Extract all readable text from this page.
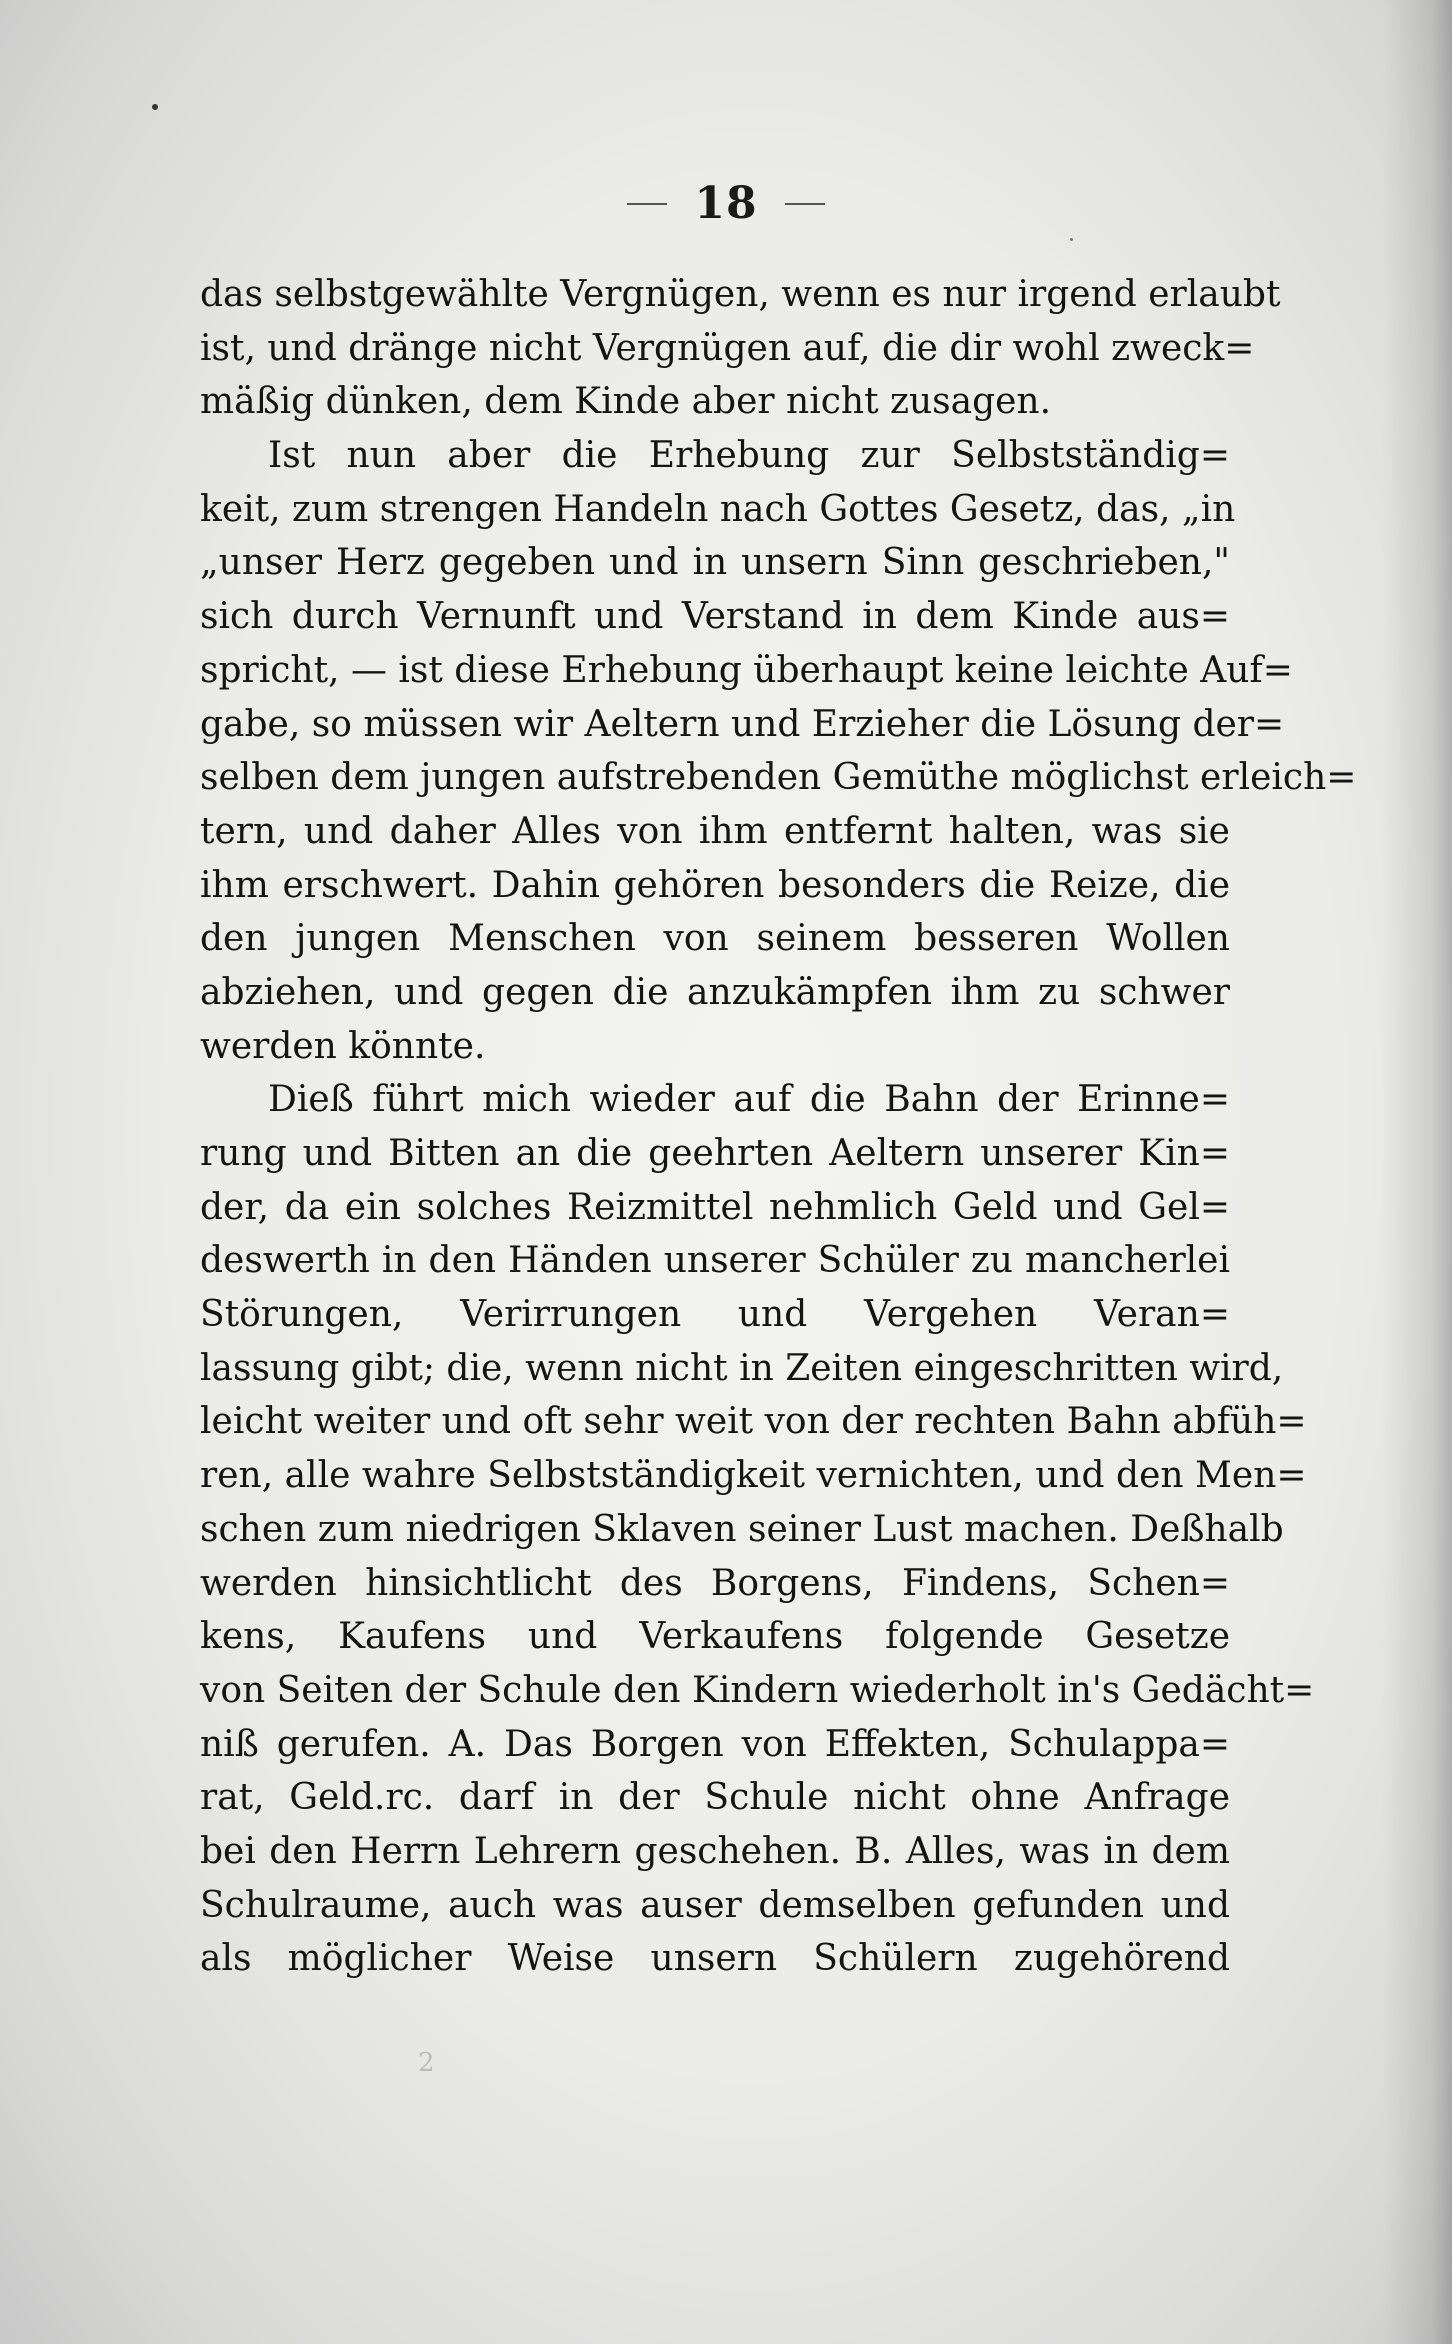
18
das selbstgewählte Vergnügen, wenn es nur irgend erlaubt
ist, und dränge nicht Vergnügen auf, die dir wohl zweck=
mäßig dünken, dem Kinde aber nicht zusagen.
Ist nun aber die Erhebung zur Selbstständig=
keit, zum strengen Handeln nach Gottes Gesetz, das, „in
„unser Herz gegeben und in unsern Sinn geschrieben,"
sich durch Vernunft und Verstand in dem Kinde aus=
spricht, — ist diese Erhebung überhaupt keine leichte Auf=
gabe, so müssen wir Aeltern und Erzieher die Lösung der=
selben dem jungen aufstrebenden Gemüthe möglichst erleich=
tern, und daher Alles von ihm entfernt halten, was sie
ihm erschwert. Dahin gehören besonders die Reize, die
den jungen Menschen von seinem besseren Wollen
abziehen, und gegen die anzukämpfen ihm zu schwer
werden könnte.
Dieß führt mich wieder auf die Bahn der Erinne=
rung und Bitten an die geehrten Aeltern unserer Kin=
der, da ein solches Reizmittel nehmlich Geld und Gel=
deswerth in den Händen unserer Schüler zu mancherlei
Störungen, Verirrungen und Vergehen Veran=
lassung gibt; die, wenn nicht in Zeiten eingeschritten wird,
leicht weiter und oft sehr weit von der rechten Bahn abfüh=
ren, alle wahre Selbstständigkeit vernichten, und den Men=
schen zum niedrigen Sklaven seiner Lust machen. Deßhalb
werden hinsichtlicht des Borgens, Findens, Schen=
kens, Kaufens und Verkaufens folgende Gesetze
von Seiten der Schule den Kindern wiederholt in's Gedächt=
niß gerufen. A. Das Borgen von Effekten, Schulappa=
rat, Geld.rc. darf in der Schule nicht ohne Anfrage
bei den Herrn Lehrern geschehen. B. Alles, was in dem
Schulraume, auch was auser demselben gefunden und
als möglicher Weise unsern Schülern zugehörend
2
